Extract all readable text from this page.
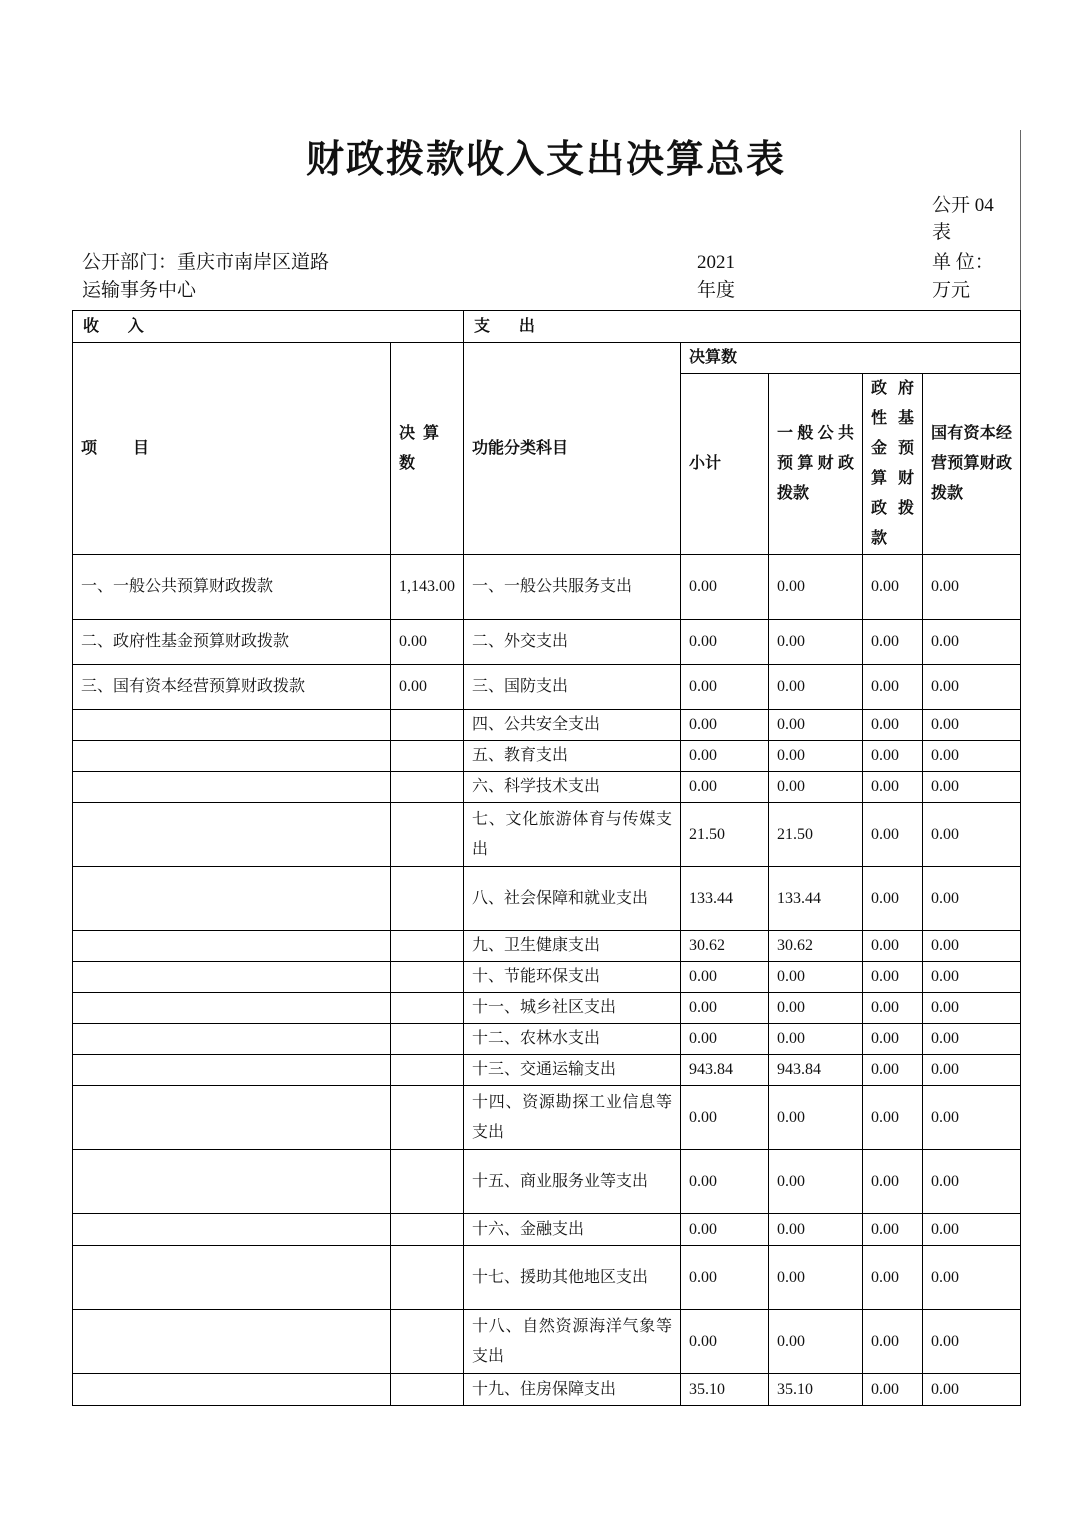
财政拨款收入支出决算总表
公开 04
表
公开部门：重庆市南岸区道路
运输事务中心
2021
年度
单 位：
万元
收入		支出				
项目	决算数	功能分类科目	决算数			
			小计	一般公共预算财政拨款	政府性基金预算财政拨款	国有资本经营预算财政拨款
一、一般公共预算财政拨款	1,143.00	一、一般公共服务支出	0.00	0.00	0.00	0.00
二、政府性基金预算财政拨款	0.00	二、外交支出	0.00	0.00	0.00	0.00
三、国有资本经营预算财政拨款	0.00	三、国防支出	0.00	0.00	0.00	0.00
		四、公共安全支出	0.00	0.00	0.00	0.00
		五、教育支出	0.00	0.00	0.00	0.00
		六、科学技术支出	0.00	0.00	0.00	0.00
		七、文化旅游体育与传媒支出	21.50	21.50	0.00	0.00
		八、社会保障和就业支出	133.44	133.44	0.00	0.00
		九、卫生健康支出	30.62	30.62	0.00	0.00
		十、节能环保支出	0.00	0.00	0.00	0.00
		十一、城乡社区支出	0.00	0.00	0.00	0.00
		十二、农林水支出	0.00	0.00	0.00	0.00
		十三、交通运输支出	943.84	943.84	0.00	0.00
		十四、资源勘探工业信息等支出	0.00	0.00	0.00	0.00
		十五、商业服务业等支出	0.00	0.00	0.00	0.00
		十六、金融支出	0.00	0.00	0.00	0.00
		十七、援助其他地区支出	0.00	0.00	0.00	0.00
		十八、自然资源海洋气象等支出	0.00	0.00	0.00	0.00
		十九、住房保障支出	35.10	35.10	0.00	0.00
